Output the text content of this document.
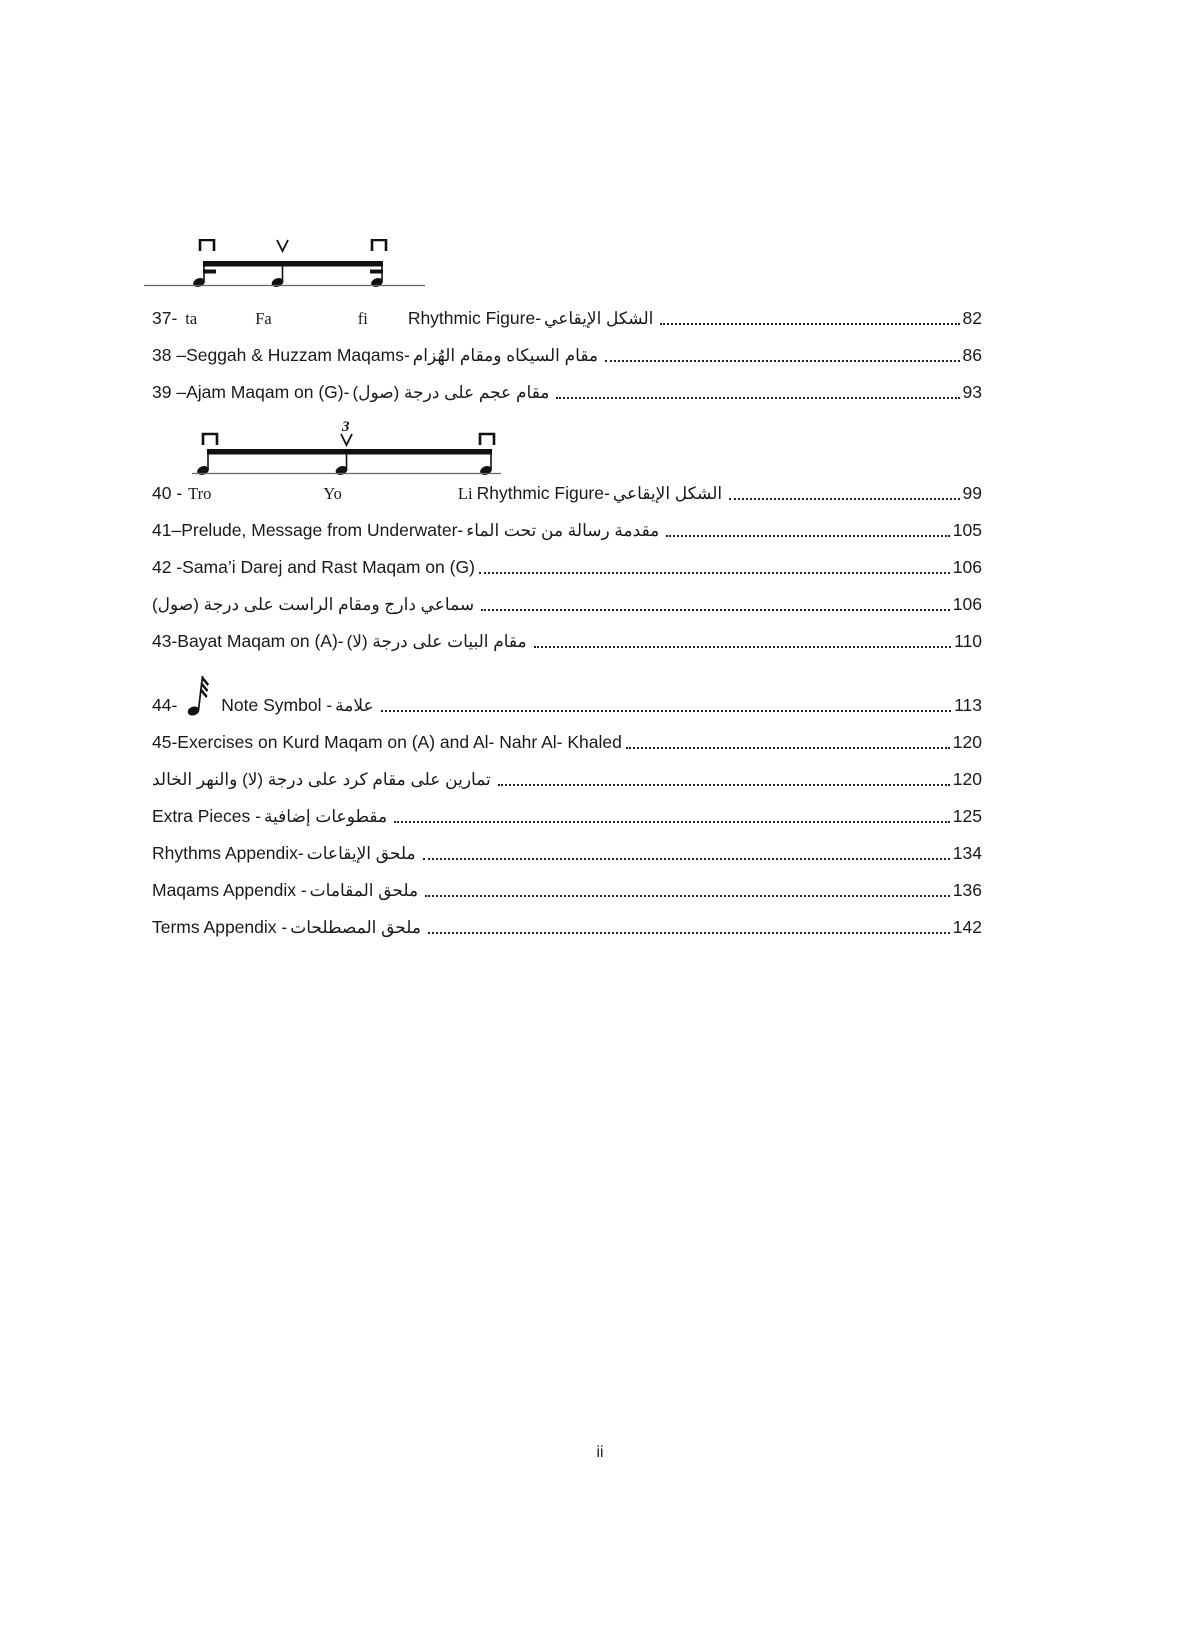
37- ta	Fa	fi Rhythmic Figure- الشكل الإيقاعي	82
38 – Seggah & Huzzam Maqams- مقام السيكاه ومقام الهُزام	86
39 – Ajam Maqam on (G)- مقام عجم على درجة (صول)	93
3
40 - Tro	Yo	Li Rhythmic Figure- الشكل الإيقاعي	99
41– Prelude, Message from Underwater- مقدمة رسالة من تحت الماء	105
42 - Sama’i Darej and Rast Maqam on (G)	106
سماعي دارج ومقام الراست على درجة (صول)	106
43- Bayat Maqam on (A)- مقام البيات على درجة (لا)	110
44-	Note Symbol - علامة	113
45- Exercises on Kurd Maqam on (A) and Al- Nahr Al- Khaled	120
تمارين على مقام كرد على درجة (لا) والنهر الخالد	120
Extra Pieces - مقطوعات إضافية	125
Rhythms Appendix- ملحق الإيقاعات	134
Maqams Appendix - ملحق المقامات	136
Terms Appendix - ملحق المصطلحات	142
ii
